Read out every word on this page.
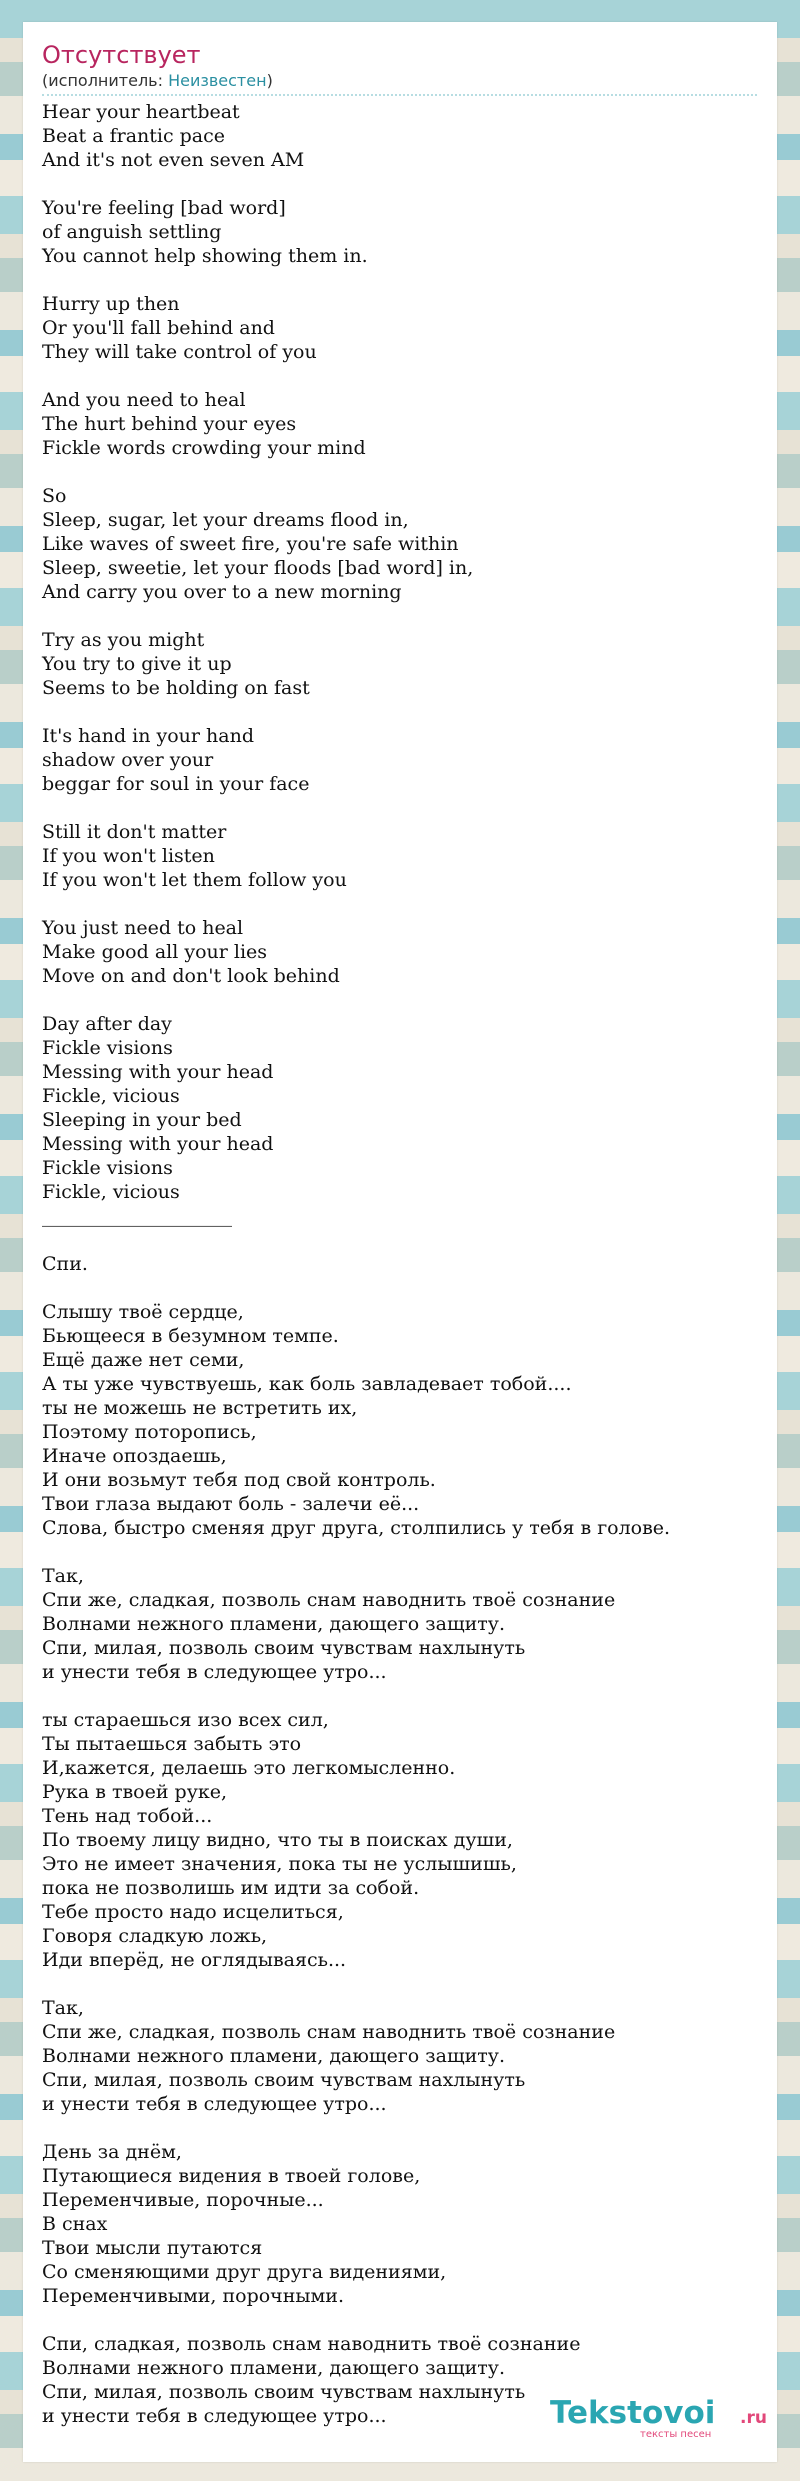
Отсутствует
(исполнитель: Неизвестен)
Hear your heartbeat
Beat a frantic pace
And it's not even seven AM

You're feeling [bad word]
of anguish settling
You cannot help showing them in.

Hurry up then
Or you'll fall behind and
They will take control of you

And you need to heal
The hurt behind your eyes
Fickle words crowding your mind

So
Sleep, sugar, let your dreams flood in,
Like waves of sweet fire, you're safe within
Sleep, sweetie, let your floods [bad word] in,
And carry you over to a new morning

Try as you might
You try to give it up
Seems to be holding on fast

It's hand in your hand
shadow over your
beggar for soul in your face

Still it don't matter
If you won't listen
If you won't let them follow you

You just need to heal
Make good all your lies
Move on and don't look behind

Day after day
Fickle visions
Messing with your head
Fickle, vicious
Sleeping in your bed
Messing with your head
Fickle visions
Fickle, vicious
____________________

Спи.

Слышу твоё сердце,
Бьющееся в безумном темпе.
Ещё даже нет семи,
А ты уже чувствуешь, как боль завладевает тобой....
ты не можешь не встретить их,
Поэтому поторопись,
Иначе опоздаешь,
И они возьмут тебя под свой контроль.
Твои глаза выдают боль - залечи её...
Слова, быстро сменяя друг друга, столпились у тебя в голове.

Так,
Спи же, сладкая, позволь снам наводнить твоё сознание
Волнами нежного пламени, дающего защиту.
Спи, милая, позволь своим чувствам нахлынуть
и унести тебя в следующее утро...

ты стараешься изо всех сил,
Ты пытаешься забыть это
И,кажется, делаешь это легкомысленно.
Рука в твоей руке,
Тень над тобой...
По твоему лицу видно, что ты в поисках души,
Это не имеет значения, пока ты не услышишь,
пока не позволишь им идти за собой.
Тебе просто надо исцелиться,
Говоря сладкую ложь,
Иди вперёд, не оглядываясь...

Так,
Спи же, сладкая, позволь снам наводнить твоё сознание
Волнами нежного пламени, дающего защиту.
Спи, милая, позволь своим чувствам нахлынуть
и унести тебя в следующее утро...

День за днём,
Путающиеся видения в твоей голове,
Переменчивые, порочные...
В снах
Твои мысли путаются
Со сменяющими друг друга видениями,
Переменчивыми, порочными.

Спи, сладкая, позволь снам наводнить твоё сознание
Волнами нежного пламени, дающего защиту.
Спи, милая, позволь своим чувствам нахлынуть
и унести тебя в следующее утро...	Tekstovoi .ru
тексты песен
